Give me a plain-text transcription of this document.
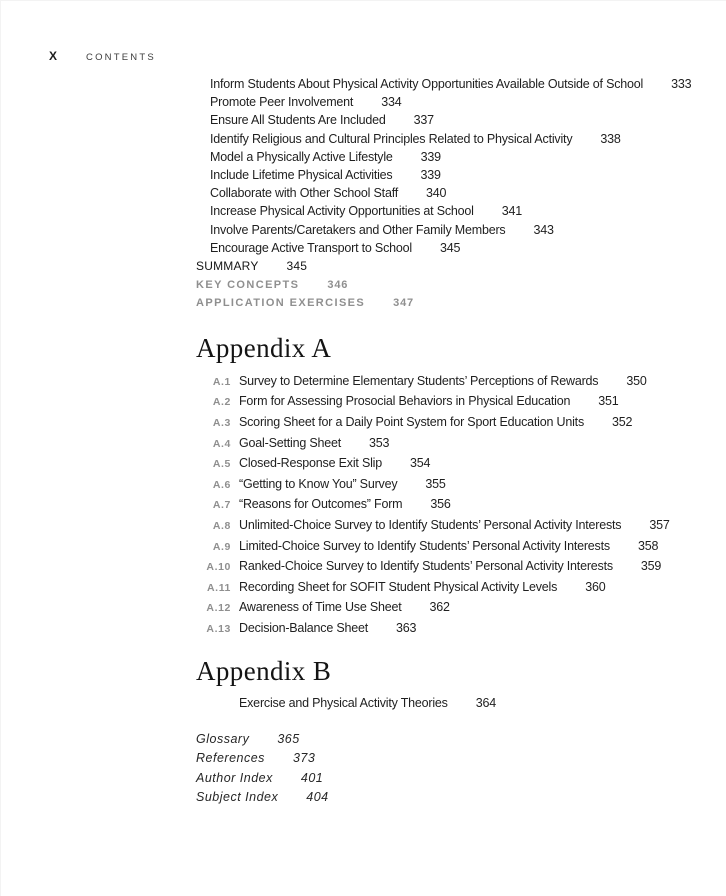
X	CONTENTS
Inform Students About Physical Activity Opportunities Available Outside of School 333
Promote Peer Involvement 334
Ensure All Students Are Included 337
Identify Religious and Cultural Principles Related to Physical Activity 338
Model a Physically Active Lifestyle 339
Include Lifetime Physical Activities 339
Collaborate with Other School Staff 340
Increase Physical Activity Opportunities at School 341
Involve Parents/Caretakers and Other Family Members 343
Encourage Active Transport to School 345
SUMMARY 345
KEY CONCEPTS	346
APPLICATION EXERCISES	347
Appendix A
A.1 Survey to Determine Elementary Students’ Perceptions of Rewards 350
A.2 Form for Assessing Prosocial Behaviors in Physical Education 351
A.3 Scoring Sheet for a Daily Point System for Sport Education Units 352
A.4 Goal-Setting Sheet 353
A.5 Closed-Response Exit Slip 354
A.6 “Getting to Know You” Survey 355
A.7 “Reasons for Outcomes” Form 356
A.8 Unlimited-Choice Survey to Identify Students’ Personal Activity Interests 357
A.9 Limited-Choice Survey to Identify Students’ Personal Activity Interests 358
A.10 Ranked-Choice Survey to Identify Students’ Personal Activity Interests 359
A.11 Recording Sheet for SOFIT Student Physical Activity Levels 360
A.12 Awareness of Time Use Sheet 362
A.13 Decision-Balance Sheet 363
Appendix B
Exercise and Physical Activity Theories 364
Glossary 365
References 373
Author Index 401
Subject Index 404
